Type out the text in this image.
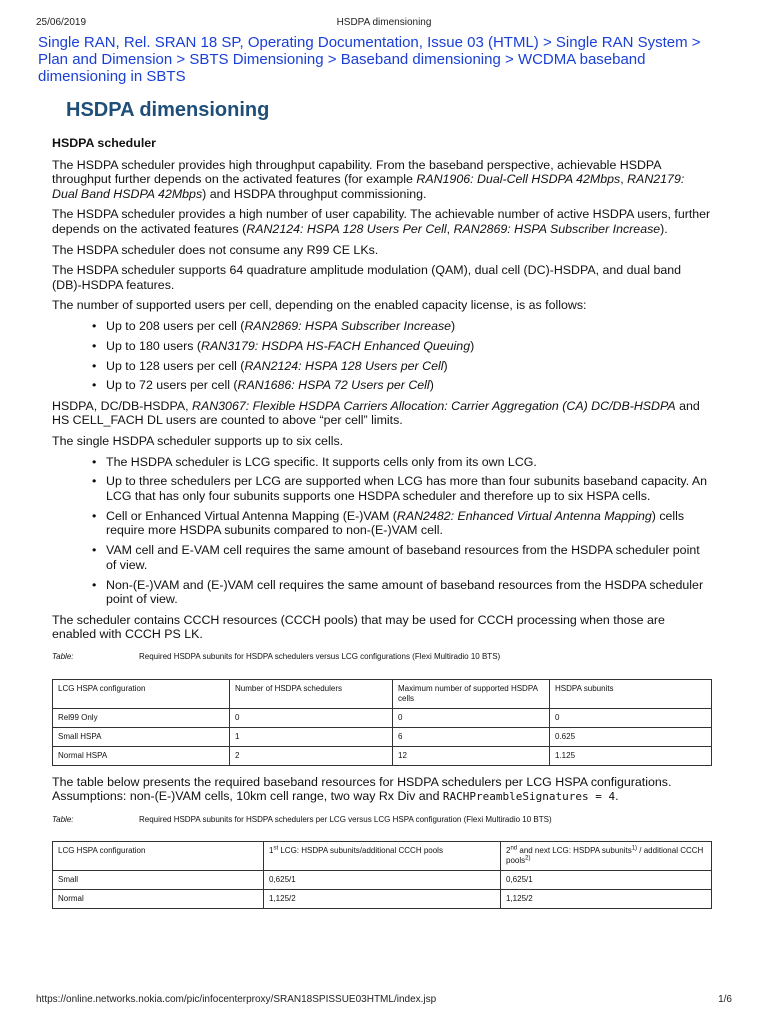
25/06/2019	HSDPA dimensioning
Single RAN, Rel. SRAN 18 SP, Operating Documentation, Issue 03 (HTML) > Single RAN System > Plan and Dimension > SBTS Dimensioning > Baseband dimensioning > WCDMA baseband dimensioning in SBTS
HSDPA dimensioning
HSDPA scheduler

The HSDPA scheduler provides high throughput capability. From the baseband perspective, achievable HSDPA throughput further depends on the activated features (for example RAN1906: Dual-Cell HSDPA 42Mbps, RAN2179: Dual Band HSDPA 42Mbps) and HSDPA throughput commissioning.

The HSDPA scheduler provides a high number of user capability. The achievable number of active HSDPA users, further depends on the activated features (RAN2124: HSPA 128 Users Per Cell, RAN2869: HSPA Subscriber Increase).

The HSDPA scheduler does not consume any R99 CE LKs.

The HSDPA scheduler supports 64 quadrature amplitude modulation (QAM), dual cell (DC)-HSDPA, and dual band (DB)-HSDPA features.

The number of supported users per cell, depending on the enabled capacity license, is as follows:

• Up to 208 users per cell (RAN2869: HSPA Subscriber Increase)
• Up to 180 users (RAN3179: HSDPA HS-FACH Enhanced Queuing)
• Up to 128 users per cell (RAN2124: HSPA 128 Users per Cell)
• Up to 72 users per cell (RAN1686: HSPA 72 Users per Cell)

HSDPA, DC/DB-HSDPA, RAN3067: Flexible HSDPA Carriers Allocation: Carrier Aggregation (CA) DC/DB-HSDPA and HS CELL_FACH DL users are counted to above “per cell” limits.

The single HSDPA scheduler supports up to six cells.

• The HSDPA scheduler is LCG specific. It supports cells only from its own LCG.
• Up to three schedulers per LCG are supported when LCG has more than four subunits baseband capacity. An LCG that has only four subunits supports one HSDPA scheduler and therefore up to six HSPA cells.
• Cell or Enhanced Virtual Antenna Mapping (E-)VAM (RAN2482: Enhanced Virtual Antenna Mapping) cells require more HSDPA subunits compared to non-(E-)VAM cell.
• VAM cell and E-VAM cell requires the same amount of baseband resources from the HSDPA scheduler point of view.
• Non-(E-)VAM and (E-)VAM cell requires the same amount of baseband resources from the HSDPA scheduler point of view.

The scheduler contains CCCH resources (CCCH pools) that may be used for CCCH processing when those are enabled with CCCH PS LK.

Table:	Required HSDPA subunits for HSDPA schedulers versus LCG configurations (Flexi Multiradio 10 BTS)
LCG HSPA configuration	Number of HSDPA schedulers	Maximum number of supported HSDPA cells	HSDPA subunits
Rel99 Only	0	0	0
Small HSPA	1	6	0.625
Normal HSPA	2	12	1.125

The table below presents the required baseband resources for HSDPA schedulers per LCG HSPA configurations. Assumptions: non-(E-)VAM cells, 10km cell range, two way Rx Div and RACHPreambleSignatures = 4.

Table:	Required HSDPA subunits for HSDPA schedulers per LCG versus LCG HSPA configuration (Flexi Multiradio 10 BTS)
LCG HSPA configuration	1st LCG: HSDPA subunits/additional CCCH pools	2nd and next LCG: HSDPA subunits$^{1)}$ / additional CCCH pools$^{2)}$
Small	0,625/1	0,625/1
Normal	1,125/2	1,125/2
https://online.networks.nokia.com/pic/infocenterproxy/SRAN18SPISSUE03HTML/index.jsp	1/6
